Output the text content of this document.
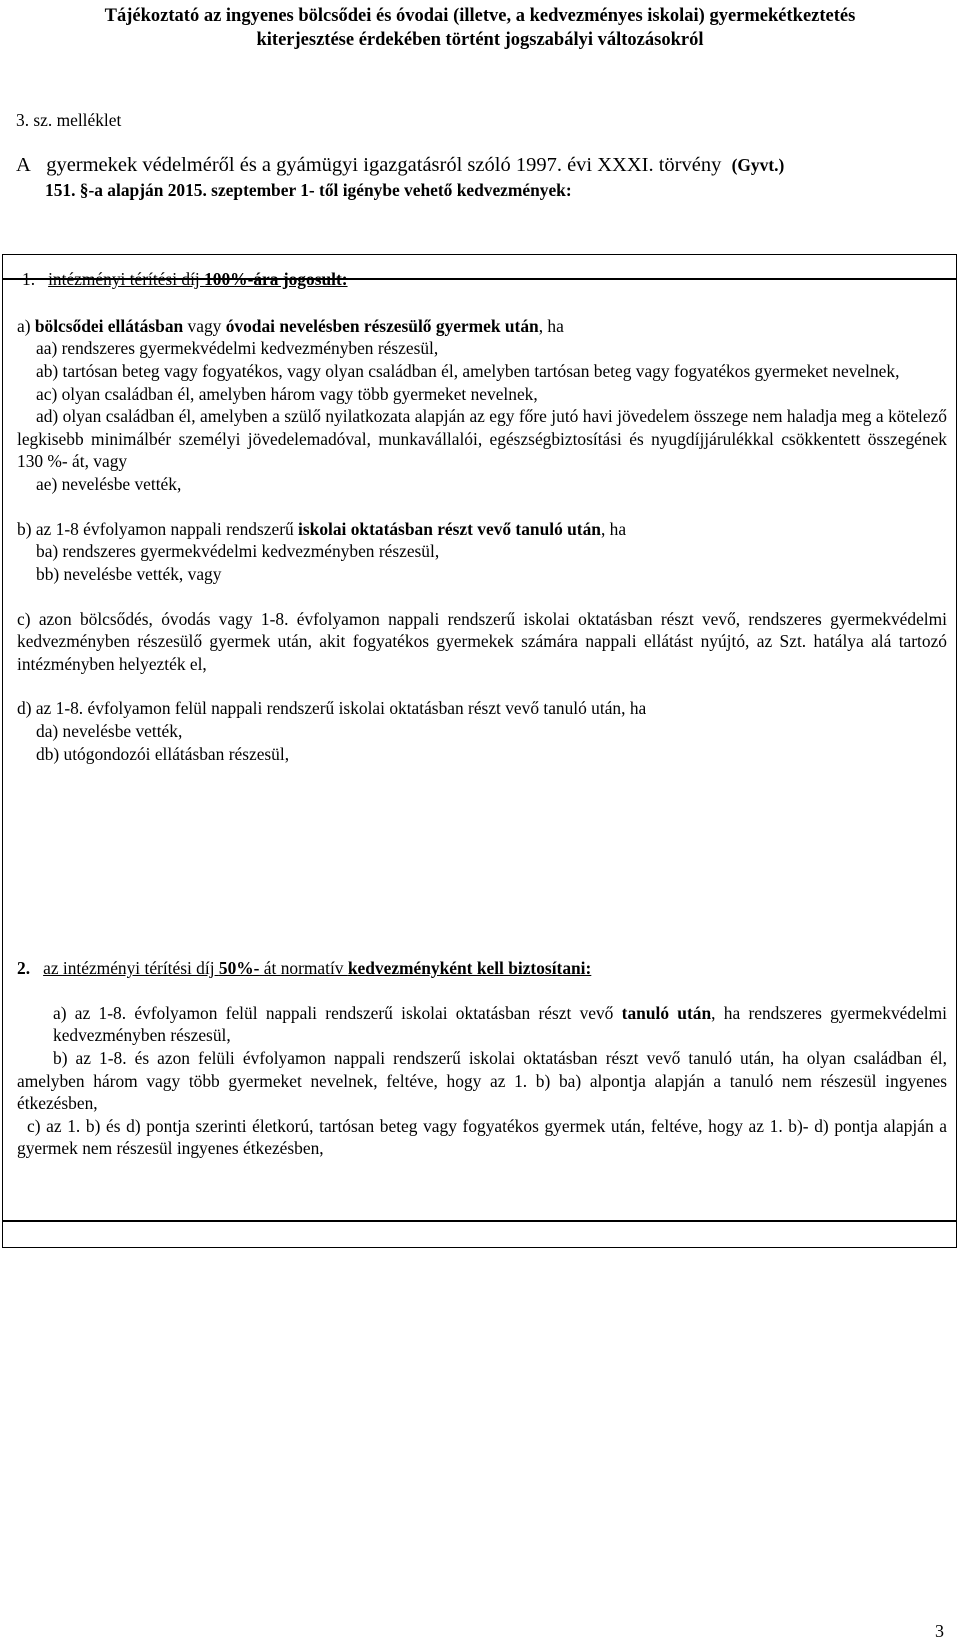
Tájékoztató az ingyenes bölcsődei és óvodai (illetve, a kedvezményes iskolai) gyermekétkeztetés
kiterjesztése érdekében történt jogszabályi változásokról
3. sz. melléklet
A gyermekek védelméről és a gyámügyi igazgatásról szóló 1997. évi XXXI. törvény (Gyvt.)
151. §-a alapján 2015. szeptember 1- től igénybe vehető kedvezmények:
1. intézményi térítési díj 100%-ára jogosult:
a) bölcsődei ellátásban vagy óvodai nevelésben részesülő gyermek után, ha
aa) rendszeres gyermekvédelmi kedvezményben részesül,
ab) tartósan beteg vagy fogyatékos, vagy olyan családban él, amelyben tartósan beteg vagy fogyatékos gyermeket nevelnek,
ac) olyan családban él, amelyben három vagy több gyermeket nevelnek,
ad) olyan családban él, amelyben a szülő nyilatkozata alapján az egy főre jutó havi jövedelem összege nem haladja meg a kötelező legkisebb minimálbér személyi jövedelemadóval, munkavállalói, egészségbiztosítási és nyugdíjjárulékkal csökkentett összegének 130 %- át, vagy
ae) nevelésbe vették,
b) az 1-8 évfolyamon nappali rendszerű iskolai oktatásban részt vevő tanuló után, ha
ba) rendszeres gyermekvédelmi kedvezményben részesül,
bb) nevelésbe vették, vagy
c) azon bölcsődés, óvodás vagy 1-8. évfolyamon nappali rendszerű iskolai oktatásban részt vevő, rendszeres gyermekvédelmi kedvezményben részesülő gyermek után, akit fogyatékos gyermekek számára nappali ellátást nyújtó, az Szt. hatálya alá tartozó intézményben helyezték el,
d) az 1-8. évfolyamon felül nappali rendszerű iskolai oktatásban részt vevő tanuló után, ha
da) nevelésbe vették,
db) utógondozói ellátásban részesül,
2. az intézményi térítési díj 50%- át normatív kedvezményként kell biztosítani:
a) az 1-8. évfolyamon felül nappali rendszerű iskolai oktatásban részt vevő tanuló után, ha rendszeres gyermekvédelmi kedvezményben részesül,
b) az 1-8. és azon felüli évfolyamon nappali rendszerű iskolai oktatásban részt vevő tanuló után, ha olyan családban él, amelyben három vagy több gyermeket nevelnek, feltéve, hogy az 1. b) ba) alpontja alapján a tanuló nem részesül ingyenes étkezésben,
c) az 1. b) és d) pontja szerinti életkorú, tartósan beteg vagy fogyatékos gyermek után, feltéve, hogy az 1. b)- d) pontja alapján a gyermek nem részesül ingyenes étkezésben,
3
